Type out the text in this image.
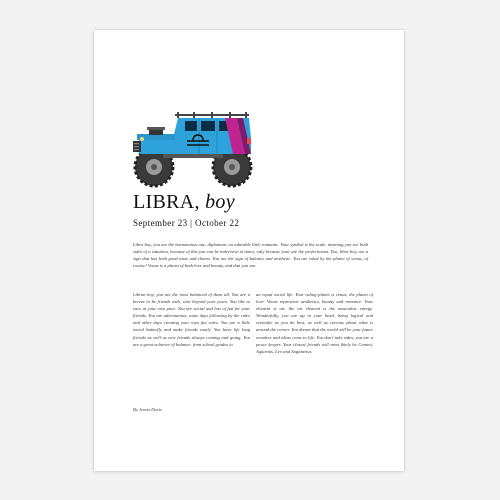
LIBRA, boy
September 23 | October 22
Libra boy, you are the harmonious one, diplomatic an adorable little romantic. Your symbol is the scale, meaning you see both sides of a situation, because of this you can be indecisive at times, only because your are the perfectionist. You, libra boy, are a sign that has both good taste and charm. You are the sign of balance and aesthetic. You are ruled by the planet of venus, of course! Venus is a planet of both love and beauty, and that you are.
Libran boy, you are the most balanced of them all. You are a breeze to be friends with, wise beyond your years. You like to race at your own pace. You are social and lots of fun for your friends. You are adventurous, some days following by the rules and other days creating your own fun rules. You are a little social butterfly and make friends easily. You have life long friends as well as new friends always coming and going. You are a great achiever of balance, from school grades to
an equal social life. Your ruling planet is venus, the planet of love. Venus represents aesthetics, beauty and romance. Your element is air, the air element is the masculine energy. Wonderfully, you are up in your head, being logical and scientific as you do best, as well as curious about what is around the corner. You dream that the world will be your future wonders and ideas come to life. You don't take sides, you are a peace keeper. Your closest friends will most likely be Gemini, Aquarius, Leo and Sagittarius.
By Jenna Davie
